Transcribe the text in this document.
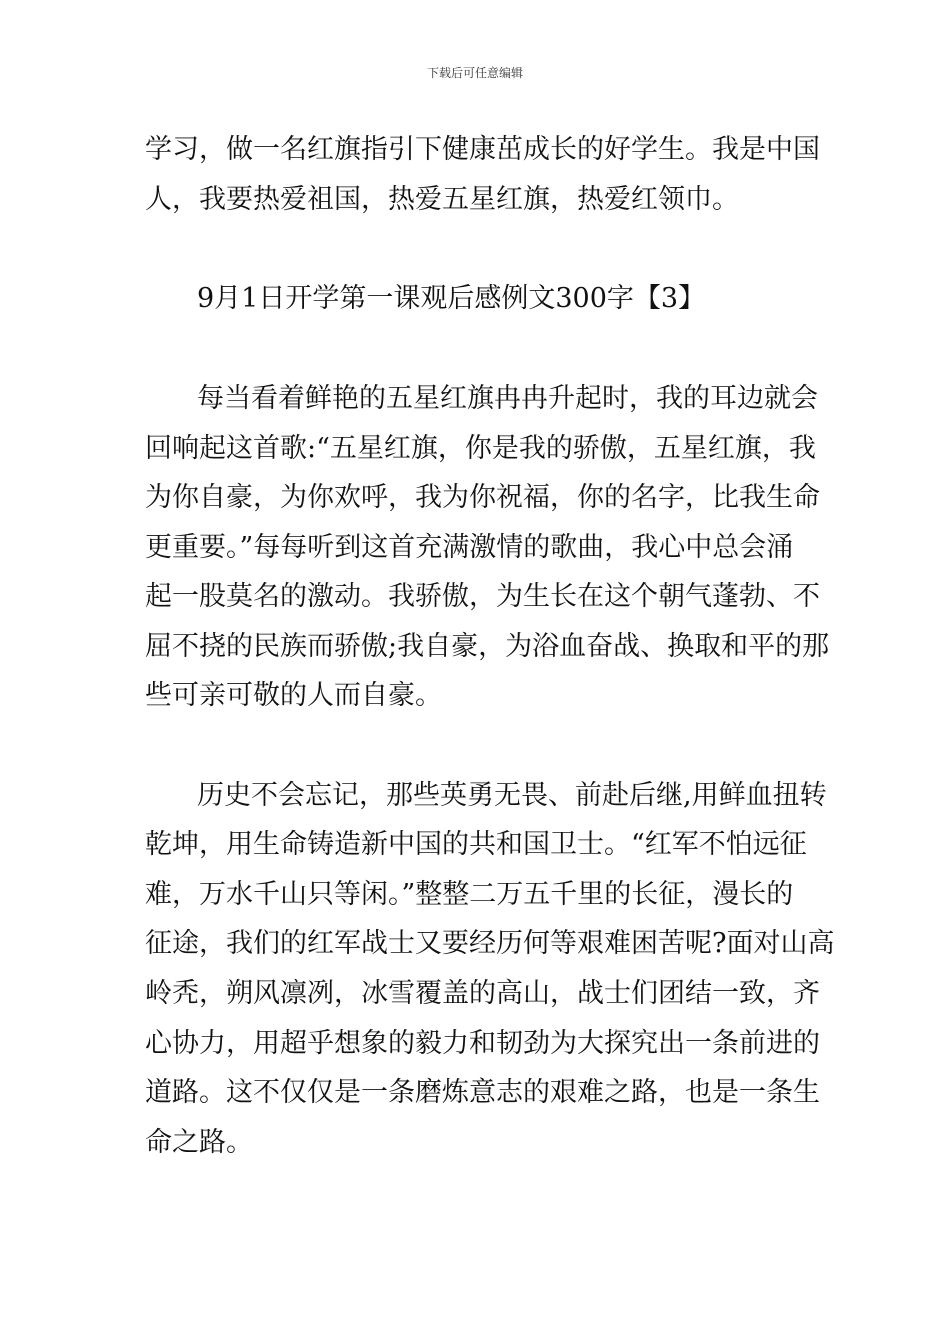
下载后可任意编辑
学习，做一名红旗指引下健康茁成长的好学生。我是中国
人，我要热爱祖国，热爱五星红旗，热爱红领巾。
9月1日开学第一课观后感例文300字【3】
每当看着鲜艳的五星红旗冉冉升起时，我的耳边就会
回响起这首歌:“五星红旗，你是我的骄傲，五星红旗，我
为你自豪，为你欢呼，我为你祝福，你的名字，比我生命
更重要。”每每听到这首充满激情的歌曲，我心中总会涌
起一股莫名的激动。我骄傲，为生长在这个朝气蓬勃、不
屈不挠的民族而骄傲;我自豪，为浴血奋战、换取和平的那
些可亲可敬的人而自豪。
历史不会忘记，那些英勇无畏、前赴后继,用鲜血扭转
乾坤，用生命铸造新中国的共和国卫士。“红军不怕远征
难，万水千山只等闲。”整整二万五千里的长征，漫长的
征途，我们的红军战士又要经历何等艰难困苦呢?面对山高
岭秃，朔风凛冽，冰雪覆盖的高山，战士们团结一致，齐
心协力，用超乎想象的毅力和韧劲为大探究出一条前进的
道路。这不仅仅是一条磨炼意志的艰难之路，也是一条生
命之路。
